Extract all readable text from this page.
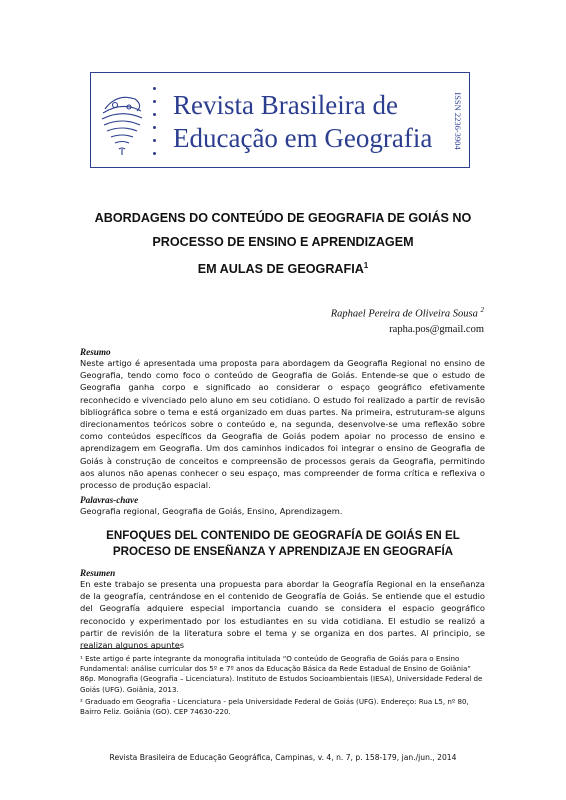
Revista Brasileira de Educação em Geografia ISSN 2236-3904
ABORDAGENS DO CONTEÚDO DE GEOGRAFIA DE GOIÁS NO
PROCESSO DE ENSINO E APRENDIZAGEM
EM AULAS DE GEOGRAFIA$^1$
Raphael Pereira de Oliveira Sousa $^2$
rapha.pos@gmail.com
Resumo
Neste artigo é apresentada uma proposta para abordagem da Geografia Regional no ensino de Geografia, tendo como foco o conteúdo de Geografia de Goiás. Entende-se que o estudo de Geografia ganha corpo e significado ao considerar o espaço geográfico efetivamente reconhecido e vivenciado pelo aluno em seu cotidiano. O estudo foi realizado a partir de revisão bibliográfica sobre o tema e está organizado em duas partes. Na primeira, estruturam-se alguns direcionamentos teóricos sobre o conteúdo e, na segunda, desenvolve-se uma reflexão sobre como conteúdos específicos da Geografia de Goiás podem apoiar no processo de ensino e aprendizagem em Geografia. Um dos caminhos indicados foi integrar o ensino de Geografia de Goiás à construção de conceitos e compreensão de processos gerais da Geografia, permitindo aos alunos não apenas conhecer o seu espaço, mas compreender de forma crítica e reflexiva o processo de produção espacial.
Palavras-chave
Geografia regional, Geografia de Goiás, Ensino, Aprendizagem.
ENFOQUES DEL CONTENIDO DE GEOGRAFÍA DE GOIÁS EN EL
PROCESO DE ENSEÑANZA Y APRENDIZAJE EN GEOGRAFÍA
Resumen
En este trabajo se presenta una propuesta para abordar la Geografía Regional en la enseñanza de la geografía, centrándose en el contenido de Geografía de Goiás. Se entiende que el estudio del Geografía adquiere especial importancia cuando se considera el espacio geográfico reconocido y experimentado por los estudiantes en su vida cotidiana. El estudio se realizó a partir de revisión de la literatura sobre el tema y se organiza en dos partes. Al principio, se realizan algunos apuntes
¹ Este artigo é parte integrante da monografia intitulada “O conteúdo de Geografia de Goiás para o Ensino Fundamental: análise curricular dos 5º e 7º anos da Educação Básica da Rede Estadual de Ensino de Goiânia” 86p. Monografia (Geografia – Licenciatura). Instituto de Estudos Socioambientais (IESA), Universidade Federal de Goiás (UFG). Goiânia, 2013.
² Graduado em Geografia - Licenciatura - pela Universidade Federal de Goiás (UFG). Endereço: Rua L5, nº 80, Bairro Feliz. Goiânia (GO). CEP 74630-220.
Revista Brasileira de Educação Geográfica, Campinas, v. 4, n. 7, p. 158-179, jan./jun., 2014
